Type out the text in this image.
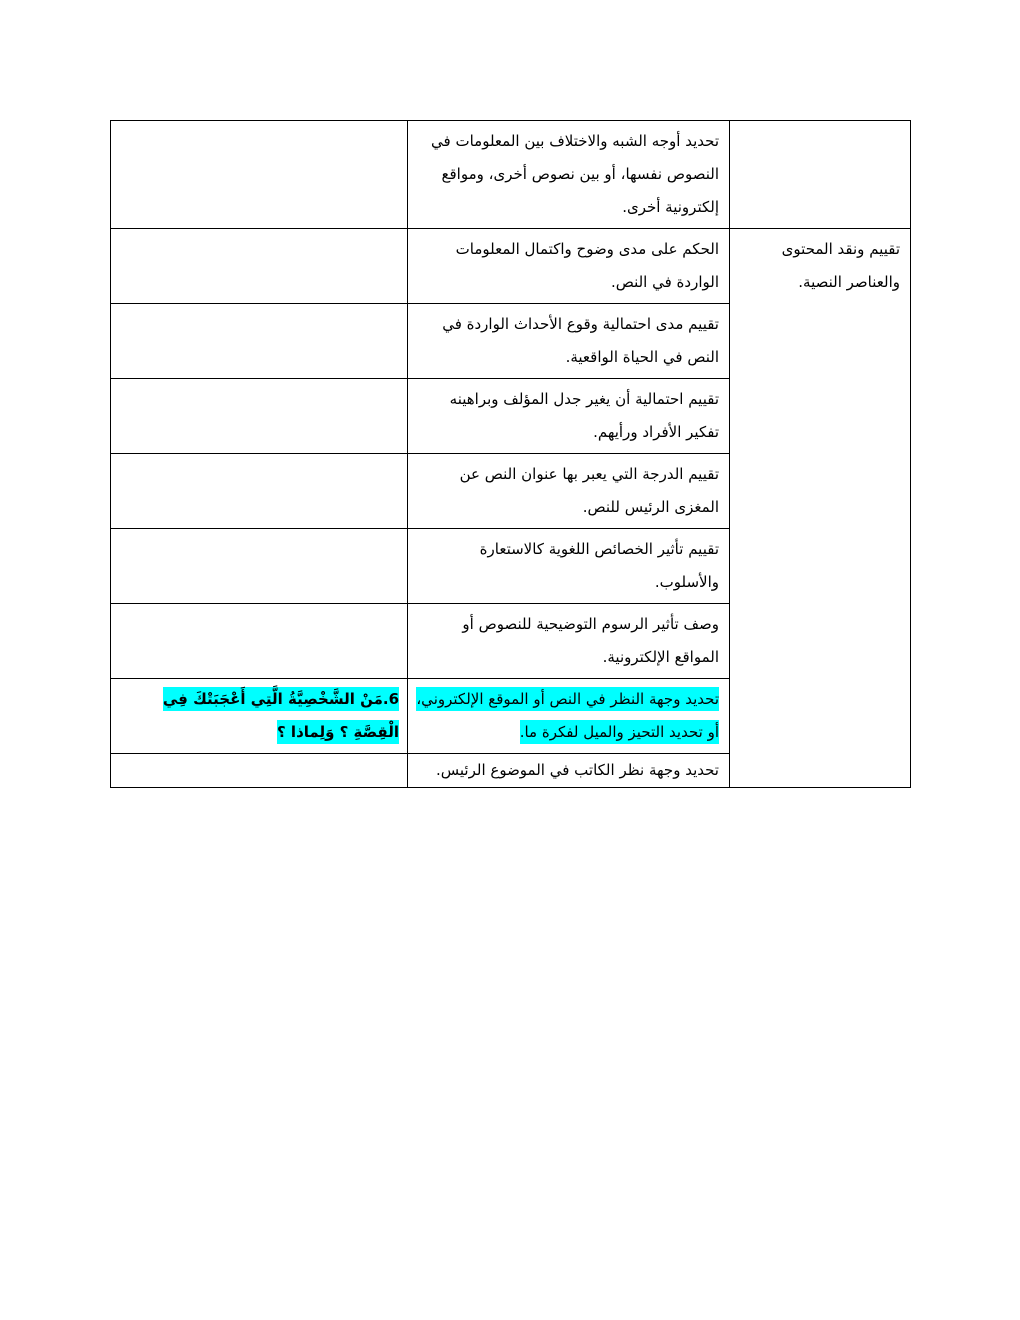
	تحديد أوجه الشبه والاختلاف بين المعلومات في النصوص نفسها، أو بين نصوص أخرى، ومواقع إلكترونية أخرى.	
تقييم ونقد المحتوى والعناصر النصية.	الحكم على مدى وضوح واكتمال المعلومات الواردة في النص.	
	تقييم مدى احتمالية وقوع الأحداث الواردة في النص في الحياة الواقعية.	
	تقييم احتمالية أن يغير جدل المؤلف وبراهينه تفكير الأفراد ورأيهم.	
	تقييم الدرجة التي يعبر بها عنوان النص عن المغزى الرئيس للنص.	
	تقييم تأثير الخصائص اللغوية كالاستعارة والأسلوب.	
	وصف تأثير الرسوم التوضيحية للنصوص أو المواقع الإلكترونية.	
	تحديد وجهة النظر في النص أو الموقع الإلكتروني، أو تحديد التحيز والميل لفكرة ما.	6.مَنْ الشَّخْصِيَّةُ الَّتِي أَعْجَبَتْكَ فِي الْقِصَّةِ ؟ وَلِماذا ؟
	تحديد وجهة نظر الكاتب في الموضوع الرئيس.	
